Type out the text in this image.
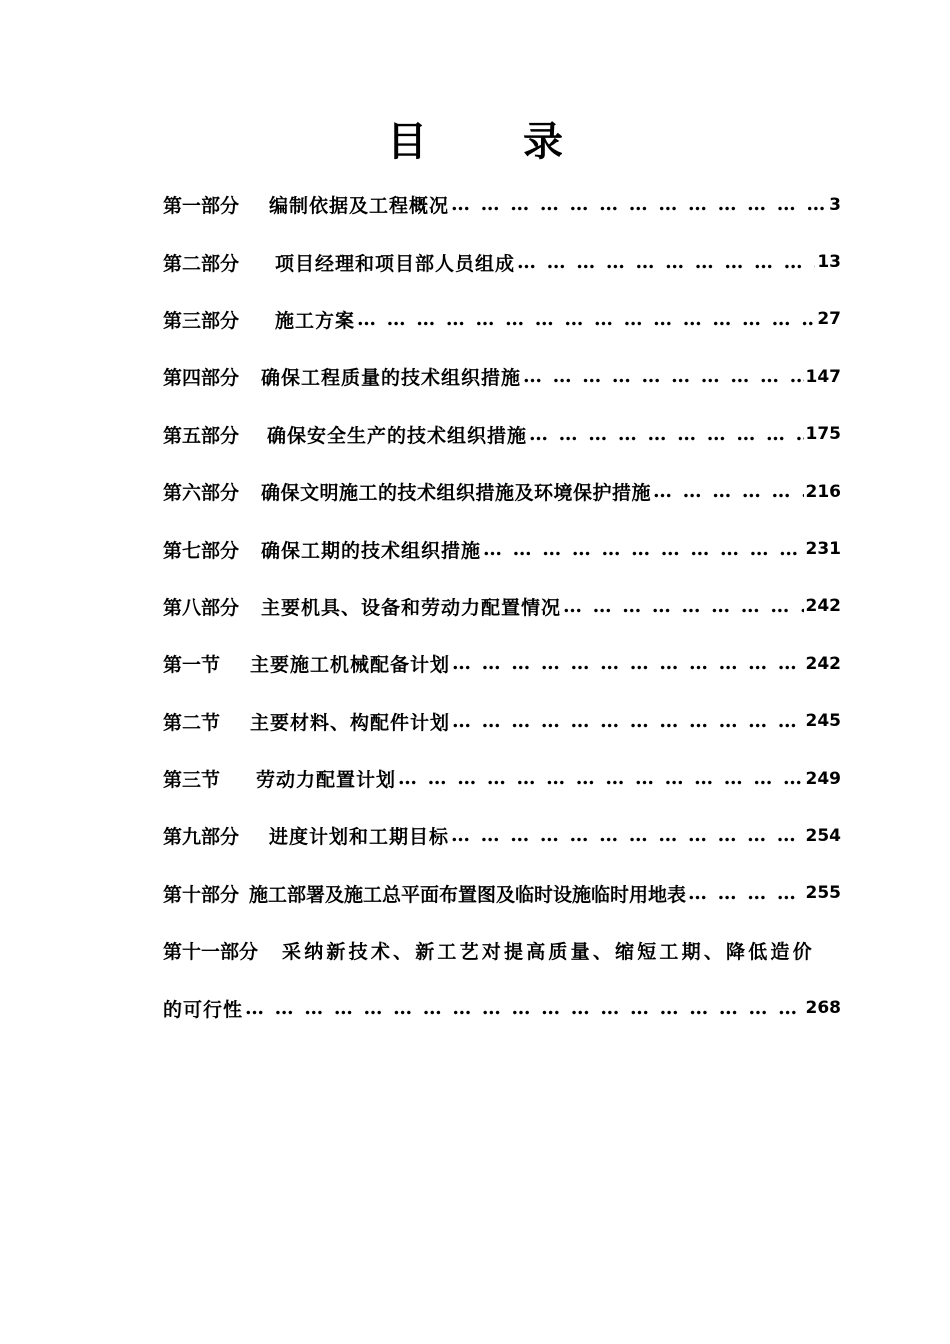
目 录
第一部分 编制依据及工程概况 … … … … … … … … … … … … … … … … … … … … … … … … … … … … … … … … … … … … … …	3
第二部分 项目经理和项目部人员组成 … … … … … … … … … … … … … … … … … … … … … … … … … … … … … … … … … … … … … …	13
第三部分 施工方案 … … … … … … … … … … … … … … … … … … … … … … … … … … … … … … … … … … … … … …	27
第四部分 确保工程质量的技术组织措施 … … … … … … … … … … … … … … … … … … … … … … … … … … … … … … … … … … … … … …	147
第五部分 确保安全生产的技术组织措施 … … … … … … … … … … … … … … … … … … … … … … … … … … … … … … … … … … … … … …	175
第六部分 确保文明施工的技术组织措施及环境保护措施 … … … … … … … … … … … … … … … … … … … … … … … … … … … … … … … … … … … … … …	216
第七部分 确保工期的技术组织措施 … … … … … … … … … … … … … … … … … … … … … … … … … … … … … … … … … … … … … …	231
第八部分 主要机具、设备和劳动力配置情况 … … … … … … … … … … … … … … … … … … … … … … … … … … … … … … … … … … … … … …	242
第一节 主要施工机械配备计划 … … … … … … … … … … … … … … … … … … … … … … … … … … … … … … … … … … … … … …	242
第二节 主要材料、构配件计划 … … … … … … … … … … … … … … … … … … … … … … … … … … … … … … … … … … … … … …	245
第三节 劳动力配置计划 … … … … … … … … … … … … … … … … … … … … … … … … … … … … … … … … … … … … … …	249
第九部分 进度计划和工期目标 … … … … … … … … … … … … … … … … … … … … … … … … … … … … … … … … … … … … … …	254
第十部分 施工部署及施工总平面布置图及临时设施临时用地表 … … … … … … … … … … … … … … … … … … … … … … … … … … … … … … … … … … … … … …	255
第十一部分 采纳新技术、新工艺对提高质量、缩短工期、降低造价
的可行性 … … … … … … … … … … … … … … … … … … … … … … … … … … … … … … … … … … … … … …	268
